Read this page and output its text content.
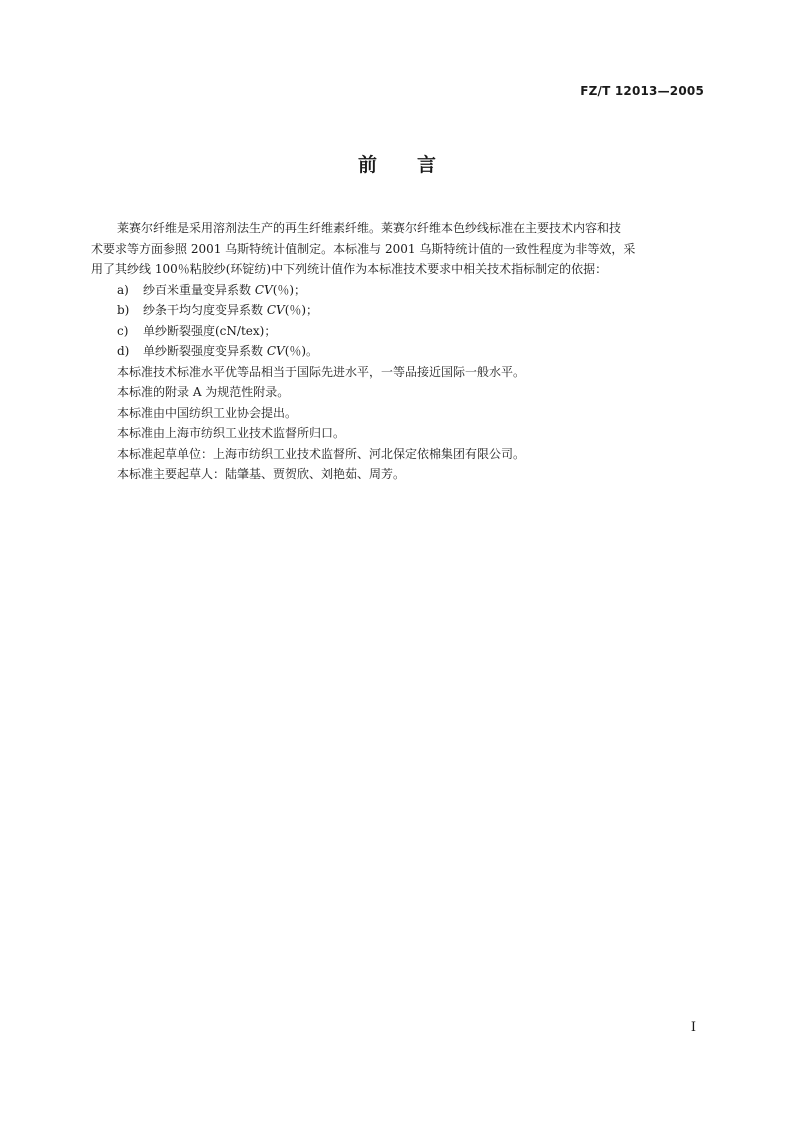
FZ/T 12013—2005
前 言

莱赛尔纤维是采用溶剂法生产的再生纤维素纤维。莱赛尔纤维本色纱线标准在主要技术内容和技
术要求等方面参照 2001 乌斯特统计值制定。本标准与 2001 乌斯特统计值的一致性程度为非等效，采
用了其纱线 100％粘胶纱(环锭纺)中下列统计值作为本标准技术要求中相关技术指标制定的依据：

a)	纱百米重量变异系数 CV(％)；
b)	纱条干均匀度变异系数 CV(％)；
c)	单纱断裂强度(cN/tex)；
d)	单纱断裂强度变异系数 CV(％)。

本标准技术标准水平优等品相当于国际先进水平，一等品接近国际一般水平。

本标准的附录 A 为规范性附录。

本标准由中国纺织工业协会提出。

本标准由上海市纺织工业技术监督所归口。

本标准起草单位：上海市纺织工业技术监督所、河北保定依棉集团有限公司。

本标准主要起草人：陆肇基、贾贺欣、刘艳茹、周芳。

I
